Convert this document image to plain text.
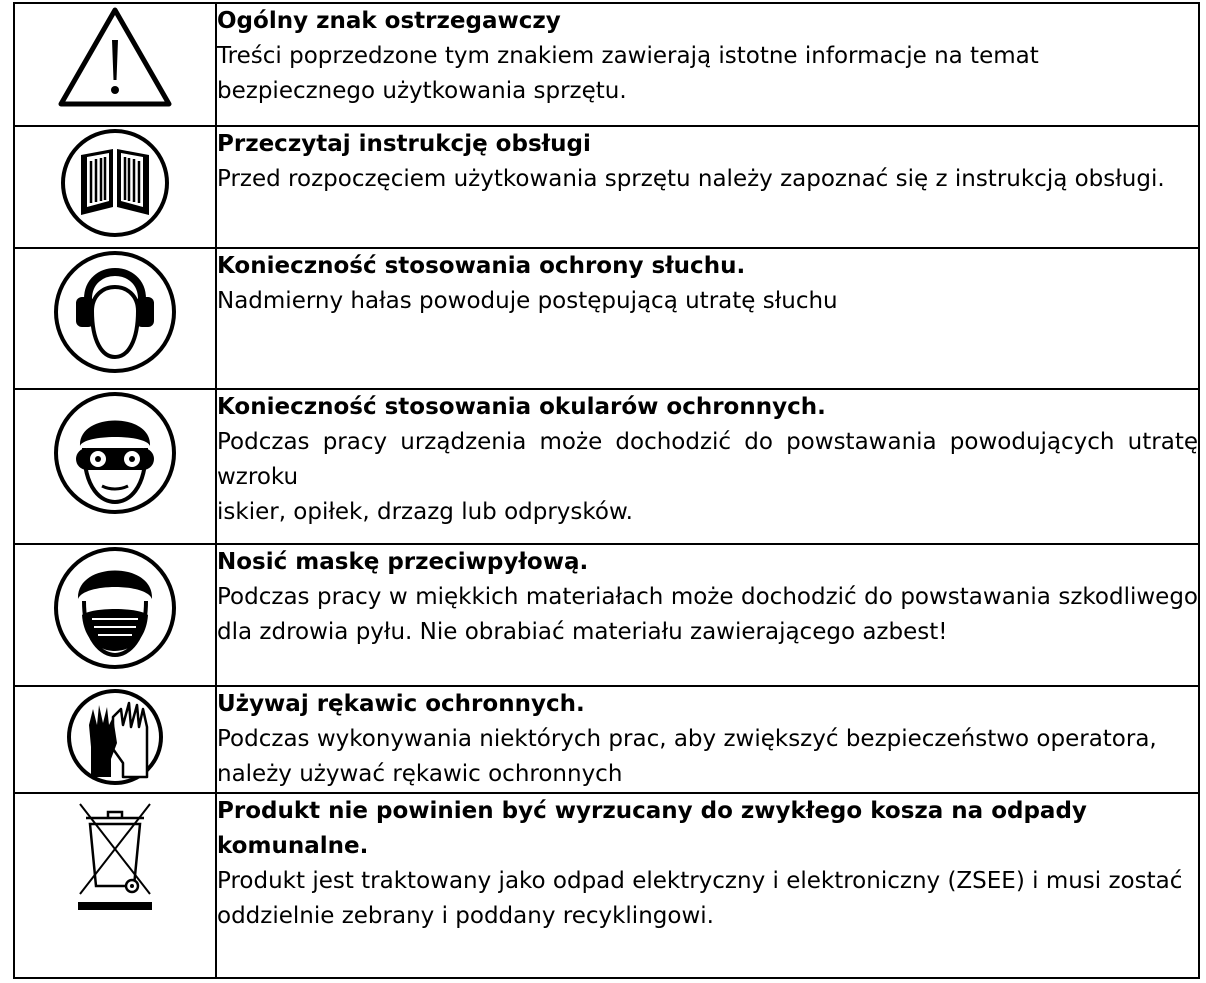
Ogólny znak ostrzegawczy
Treści poprzedzone tym znakiem zawierają istotne informacje na temat bezpiecznego użytkowania sprzętu.

Przeczytaj instrukcję obsługi
Przed rozpoczęciem użytkowania sprzętu należy zapoznać się z instrukcją obsługi.

Konieczność stosowania ochrony słuchu.
Nadmierny hałas powoduje postępującą utratę słuchu

Konieczność stosowania okularów ochronnych.
Podczas pracy urządzenia może dochodzić do powstawania powodujących utratę wzroku
iskier, opiłek, drzazg lub odprysków.

Nosić maskę przeciwpyłową.
Podczas pracy w miękkich materiałach może dochodzić do powstawania szkodliwego dla zdrowia pyłu. Nie obrabiać materiału zawierającego azbest!

Używaj rękawic ochronnych.
Podczas wykonywania niektórych prac, aby zwiększyć bezpieczeństwo operatora, należy używać rękawic ochronnych

Produkt nie powinien być wyrzucany do zwykłego kosza na odpady komunalne.
Produkt jest traktowany jako odpad elektryczny i elektroniczny (ZSEE) i musi zostać oddzielnie zebrany i poddany recyklingowi.
